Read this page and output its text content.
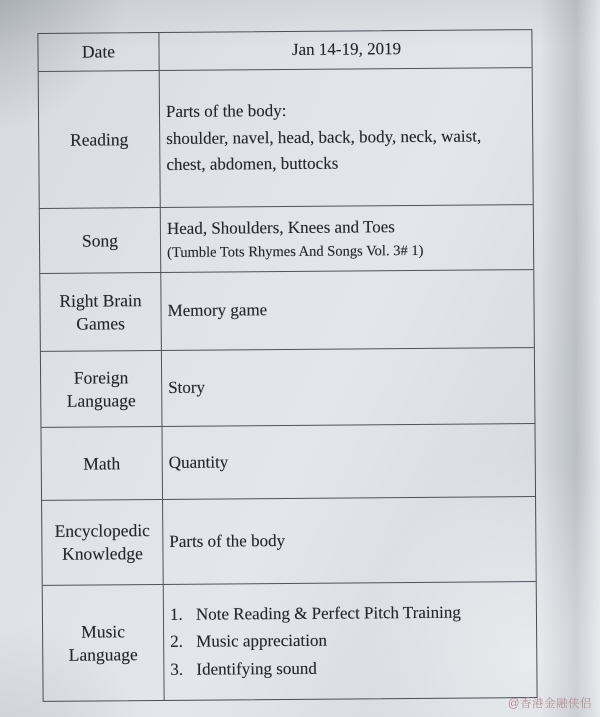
Date	Jan 14-19, 2019
Reading
Parts of the body:
shoulder, navel, head, back, body, neck, waist,
chest, abdomen, buttocks
Song
Head, Shoulders, Knees and Toes
(Tumble Tots Rhymes And Songs Vol. 3# 1)
Right Brain Games
Memory game
Foreign Language
Story
Math	Quantity
Encyclopedic Knowledge
Parts of the body
Music Language
1. Note Reading & Perfect Pitch Training
2. Music appreciation
3. Identifying sound
@香港金融侠侣
